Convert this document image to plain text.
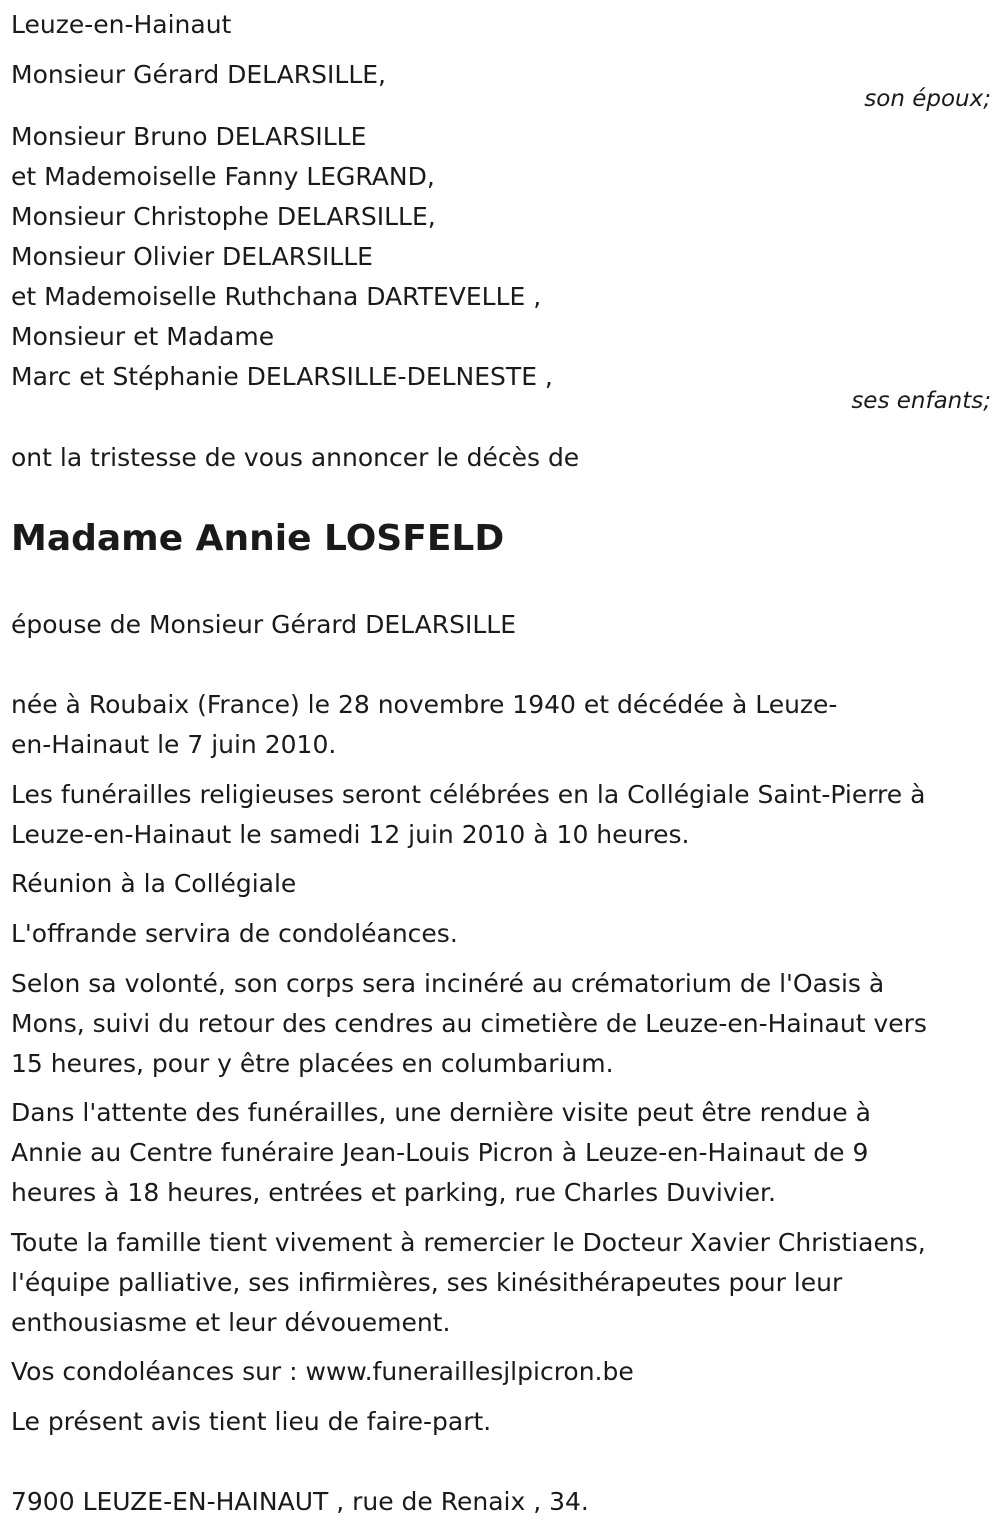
Leuze-en-Hainaut
Monsieur Gérard DELARSILLE,
son époux;
Monsieur Bruno DELARSILLE
et Mademoiselle Fanny LEGRAND,
Monsieur Christophe DELARSILLE,
Monsieur Olivier DELARSILLE
et Mademoiselle Ruthchana DARTEVELLE ,
Monsieur et Madame
Marc et Stéphanie DELARSILLE-DELNESTE ,
ses enfants;
ont la tristesse de vous annoncer le décès de
Madame Annie LOSFELD
épouse de Monsieur Gérard DELARSILLE
née à Roubaix (France) le 28 novembre 1940 et décédée à Leuze-
en-Hainaut le 7 juin 2010.
Les funérailles religieuses seront célébrées en la Collégiale Saint-Pierre à
Leuze-en-Hainaut le samedi 12 juin 2010 à 10 heures.
Réunion à la Collégiale
L'offrande servira de condoléances.
Selon sa volonté, son corps sera incinéré au crématorium de l'Oasis à
Mons, suivi du retour des cendres au cimetière de Leuze-en-Hainaut vers
15 heures, pour y être placées en columbarium.
Dans l'attente des funérailles, une dernière visite peut être rendue à
Annie au Centre funéraire Jean-Louis Picron à Leuze-en-Hainaut de 9
heures à 18 heures, entrées et parking, rue Charles Duvivier.
Toute la famille tient vivement à remercier le Docteur Xavier Christiaens,
l'équipe palliative, ses infirmières, ses kinésithérapeutes pour leur
enthousiasme et leur dévouement.
Vos condoléances sur : www.funeraillesjlpicron.be
Le présent avis tient lieu de faire-part.
7900 LEUZE-EN-HAINAUT , rue de Renaix , 34.
